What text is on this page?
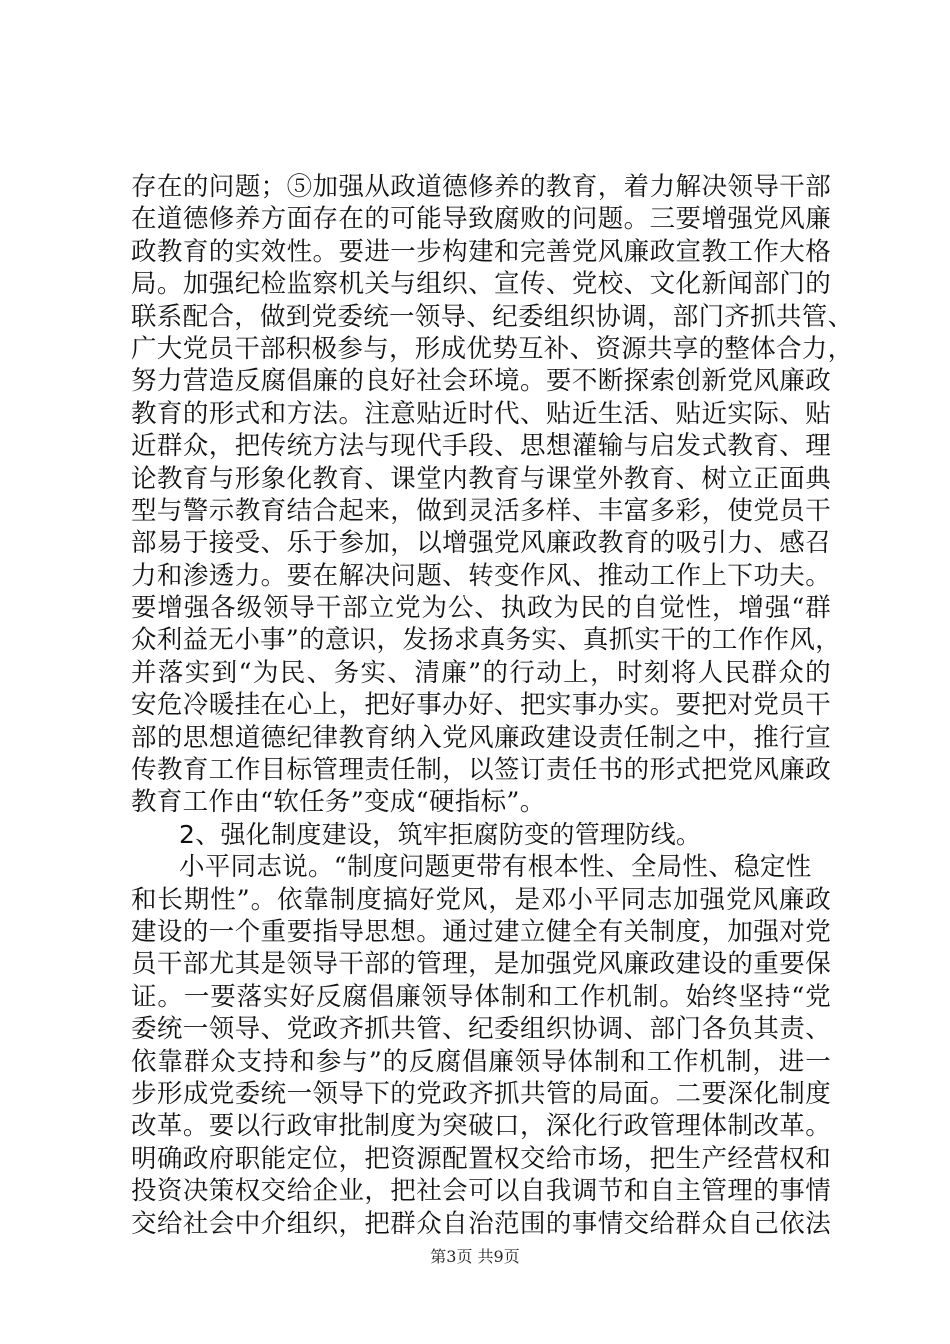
存在的问题；⑤加强从政道德修养的教育，着力解决领导干部
在道德修养方面存在的可能导致腐败的问题。三要增强党风廉
政教育的实效性。要进一步构建和完善党风廉政宣教工作大格
局。加强纪检监察机关与组织、宣传、党校、文化新闻部门的
联系配合，做到党委统一领导、纪委组织协调，部门齐抓共管、
广大党员干部积极参与，形成优势互补、资源共享的整体合力，
努力营造反腐倡廉的良好社会环境。要不断探索创新党风廉政
教育的形式和方法。注意贴近时代、贴近生活、贴近实际、贴
近群众，把传统方法与现代手段、思想灌输与启发式教育、理
论教育与形象化教育、课堂内教育与课堂外教育、树立正面典
型与警示教育结合起来，做到灵活多样、丰富多彩，使党员干
部易于接受、乐于参加，以增强党风廉政教育的吸引力、感召
力和渗透力。要在解决问题、转变作风、推动工作上下功夫。
要增强各级领导干部立党为公、执政为民的自觉性，增强“群
众利益无小事”的意识，发扬求真务实、真抓实干的工作作风，
并落实到“为民、务实、清廉”的行动上，时刻将人民群众的
安危冷暖挂在心上，把好事办好、把实事办实。要把对党员干
部的思想道德纪律教育纳入党风廉政建设责任制之中，推行宣
传教育工作目标管理责任制，以签订责任书的形式把党风廉政
教育工作由“软任务”变成“硬指标”。
2、强化制度建设，筑牢拒腐防变的管理防线。
小平同志说。“制度问题更带有根本性、全局性、稳定性
和长期性”。依靠制度搞好党风，是邓小平同志加强党风廉政
建设的一个重要指导思想。通过建立健全有关制度，加强对党
员干部尤其是领导干部的管理，是加强党风廉政建设的重要保
证。一要落实好反腐倡廉领导体制和工作机制。始终坚持“党
委统一领导、党政齐抓共管、纪委组织协调、部门各负其责、
依靠群众支持和参与”的反腐倡廉领导体制和工作机制，进一
步形成党委统一领导下的党政齐抓共管的局面。二要深化制度
改革。要以行政审批制度为突破口，深化行政管理体制改革。
明确政府职能定位，把资源配置权交给市场，把生产经营权和
投资决策权交给企业，把社会可以自我调节和自主管理的事情
交给社会中介组织，把群众自治范围的事情交给群众自己依法
第3页 共9页
